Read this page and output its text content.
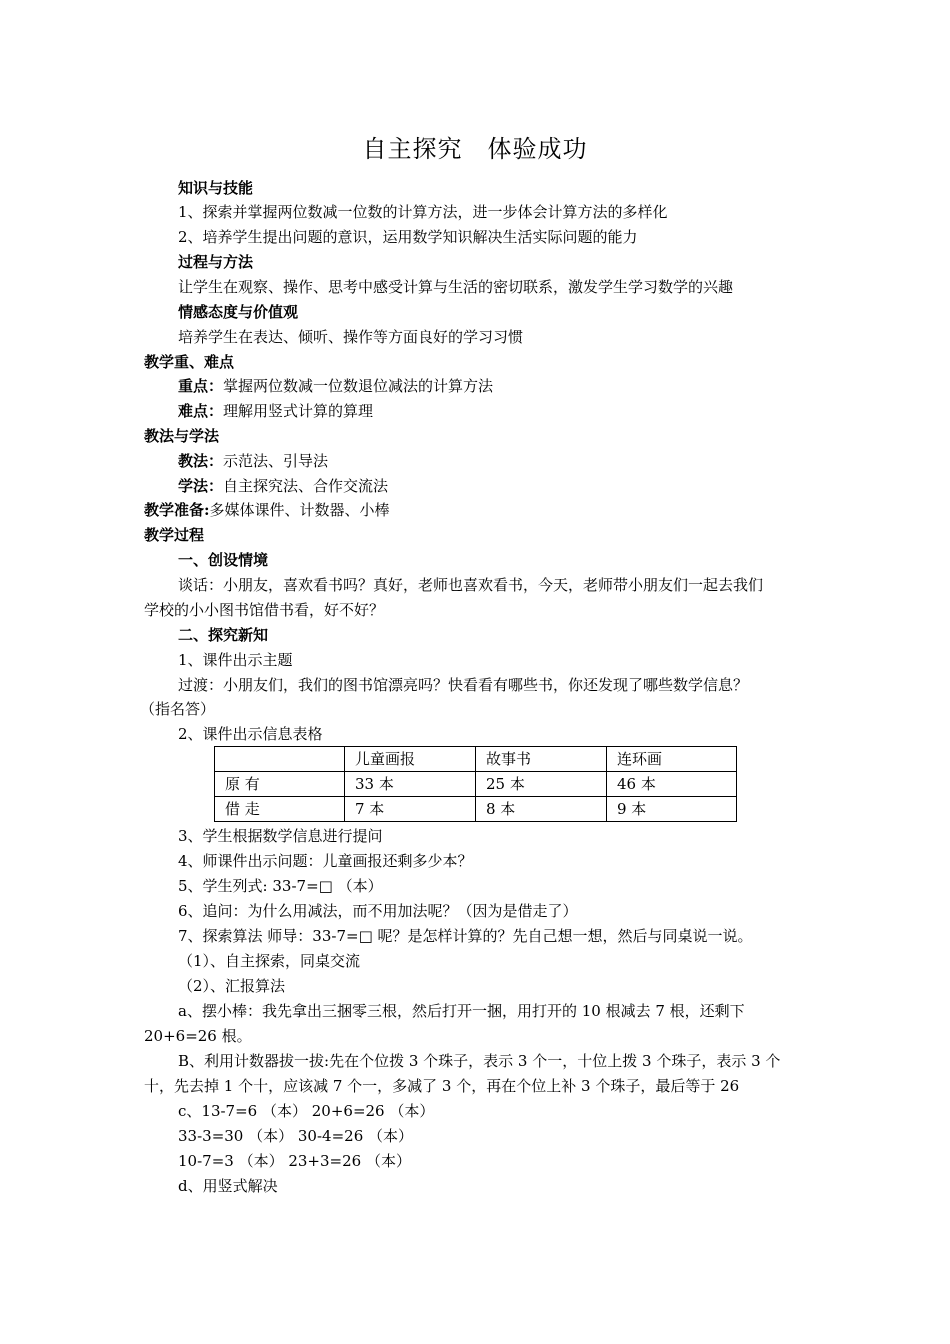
自主探究　体验成功
知识与技能
1、探索并掌握两位数减一位数的计算方法，进一步体会计算方法的多样化
2、培养学生提出问题的意识，运用数学知识解决生活实际问题的能力
过程与方法
让学生在观察、操作、思考中感受计算与生活的密切联系，激发学生学习数学的兴趣
情感态度与价值观
培养学生在表达、倾听、操作等方面良好的学习习惯
教学重、难点
重点：掌握两位数减一位数退位减法的计算方法
难点：理解用竖式计算的算理
教法与学法
教法：示范法、引导法
学法：自主探究法、合作交流法
教学准备:多媒体课件、计数器、小棒
教学过程
一、创设情境
谈话：小朋友，喜欢看书吗？真好，老师也喜欢看书，今天，老师带小朋友们一起去我们
学校的小小图书馆借书看，好不好？
二、探究新知
1、课件出示主题
过渡：小朋友们，我们的图书馆漂亮吗？快看看有哪些书，你还发现了哪些数学信息？
（指名答）
2、课件出示信息表格
	儿童画报	故事书	连环画
原 有	33 本	25 本	46 本
借 走	7 本	8 本	9 本
3、学生根据数学信息进行提问
4、师课件出示问题：儿童画报还剩多少本？
5、学生列式: 33-7=□ （本）
6、追问：为什么用减法，而不用加法呢？（因为是借走了）
7、探索算法 师导：33-7=□ 呢？是怎样计算的？先自己想一想，然后与同桌说一说。
（1）、自主探索，同桌交流
（2）、汇报算法
a、摆小棒：我先拿出三捆零三根，然后打开一捆，用打开的 10 根减去 7 根，还剩下
20+6=26 根。
B、利用计数器拔一拔:先在个位拨 3 个珠子，表示 3 个一，十位上拨 3 个珠子，表示 3 个
十，先去掉 1 个十，应该减 7 个一，多减了 3 个，再在个位上补 3 个珠子，最后等于 26
c、13-7=6 （本） 20+6=26 （本）
33-3=30 （本） 30-4=26 （本）
10-7=3 （本） 23+3=26 （本）
d、用竖式解决
